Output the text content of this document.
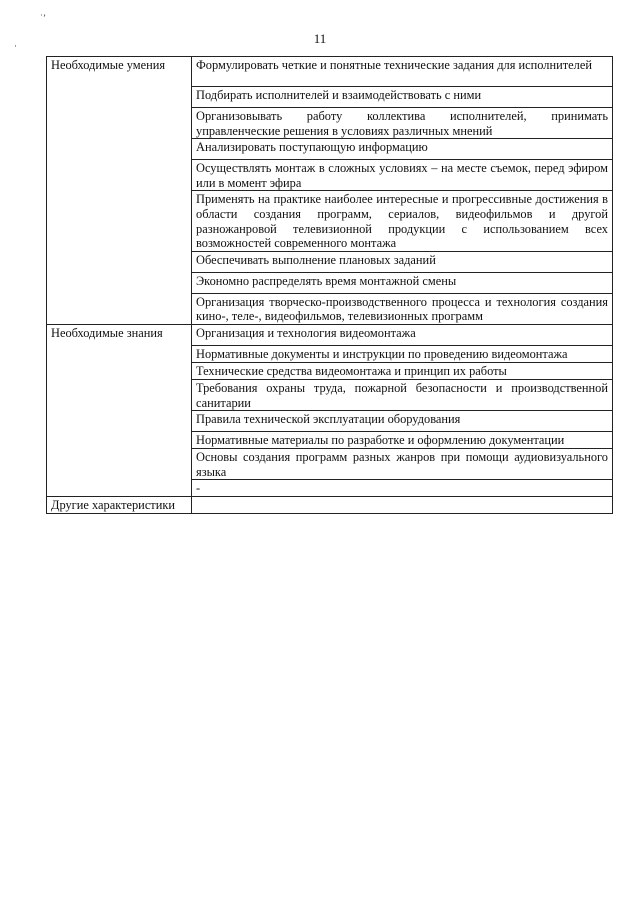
˙ʼ
·	11
Необходимые умения	Формулировать четкие и понятные технические задания для исполнителей
	Подбирать исполнителей и взаимодействовать с ними
	Организовывать работу коллектива исполнителей, принимать управленческие решения в условиях различных мнений
	Анализировать поступающую информацию
	Осуществлять монтаж в сложных условиях – на месте съемок, перед эфиром или в момент эфира
	Применять на практике наиболее интересные и прогрессивные достижения в области создания программ, сериалов, видеофильмов и другой разножанровой телевизионной продукции с использованием всех возможностей современного монтажа
	Обеспечивать выполнение плановых заданий
	Экономно распределять время монтажной смены
	Организация творческо-производственного процесса и технология создания кино-, теле-, видеофильмов, телевизионных программ
Необходимые знания	Организация и технология видеомонтажа
	Нормативные документы и инструкции по проведению видеомонтажа
	Технические средства видеомонтажа и принцип их работы
	Требования охраны труда, пожарной безопасности и производственной санитарии
	Правила технической эксплуатации оборудования
	Нормативные материалы по разработке и оформлению документации
	Основы создания программ разных жанров при помощи аудиовизуального языка
	-
Другие характеристики	
